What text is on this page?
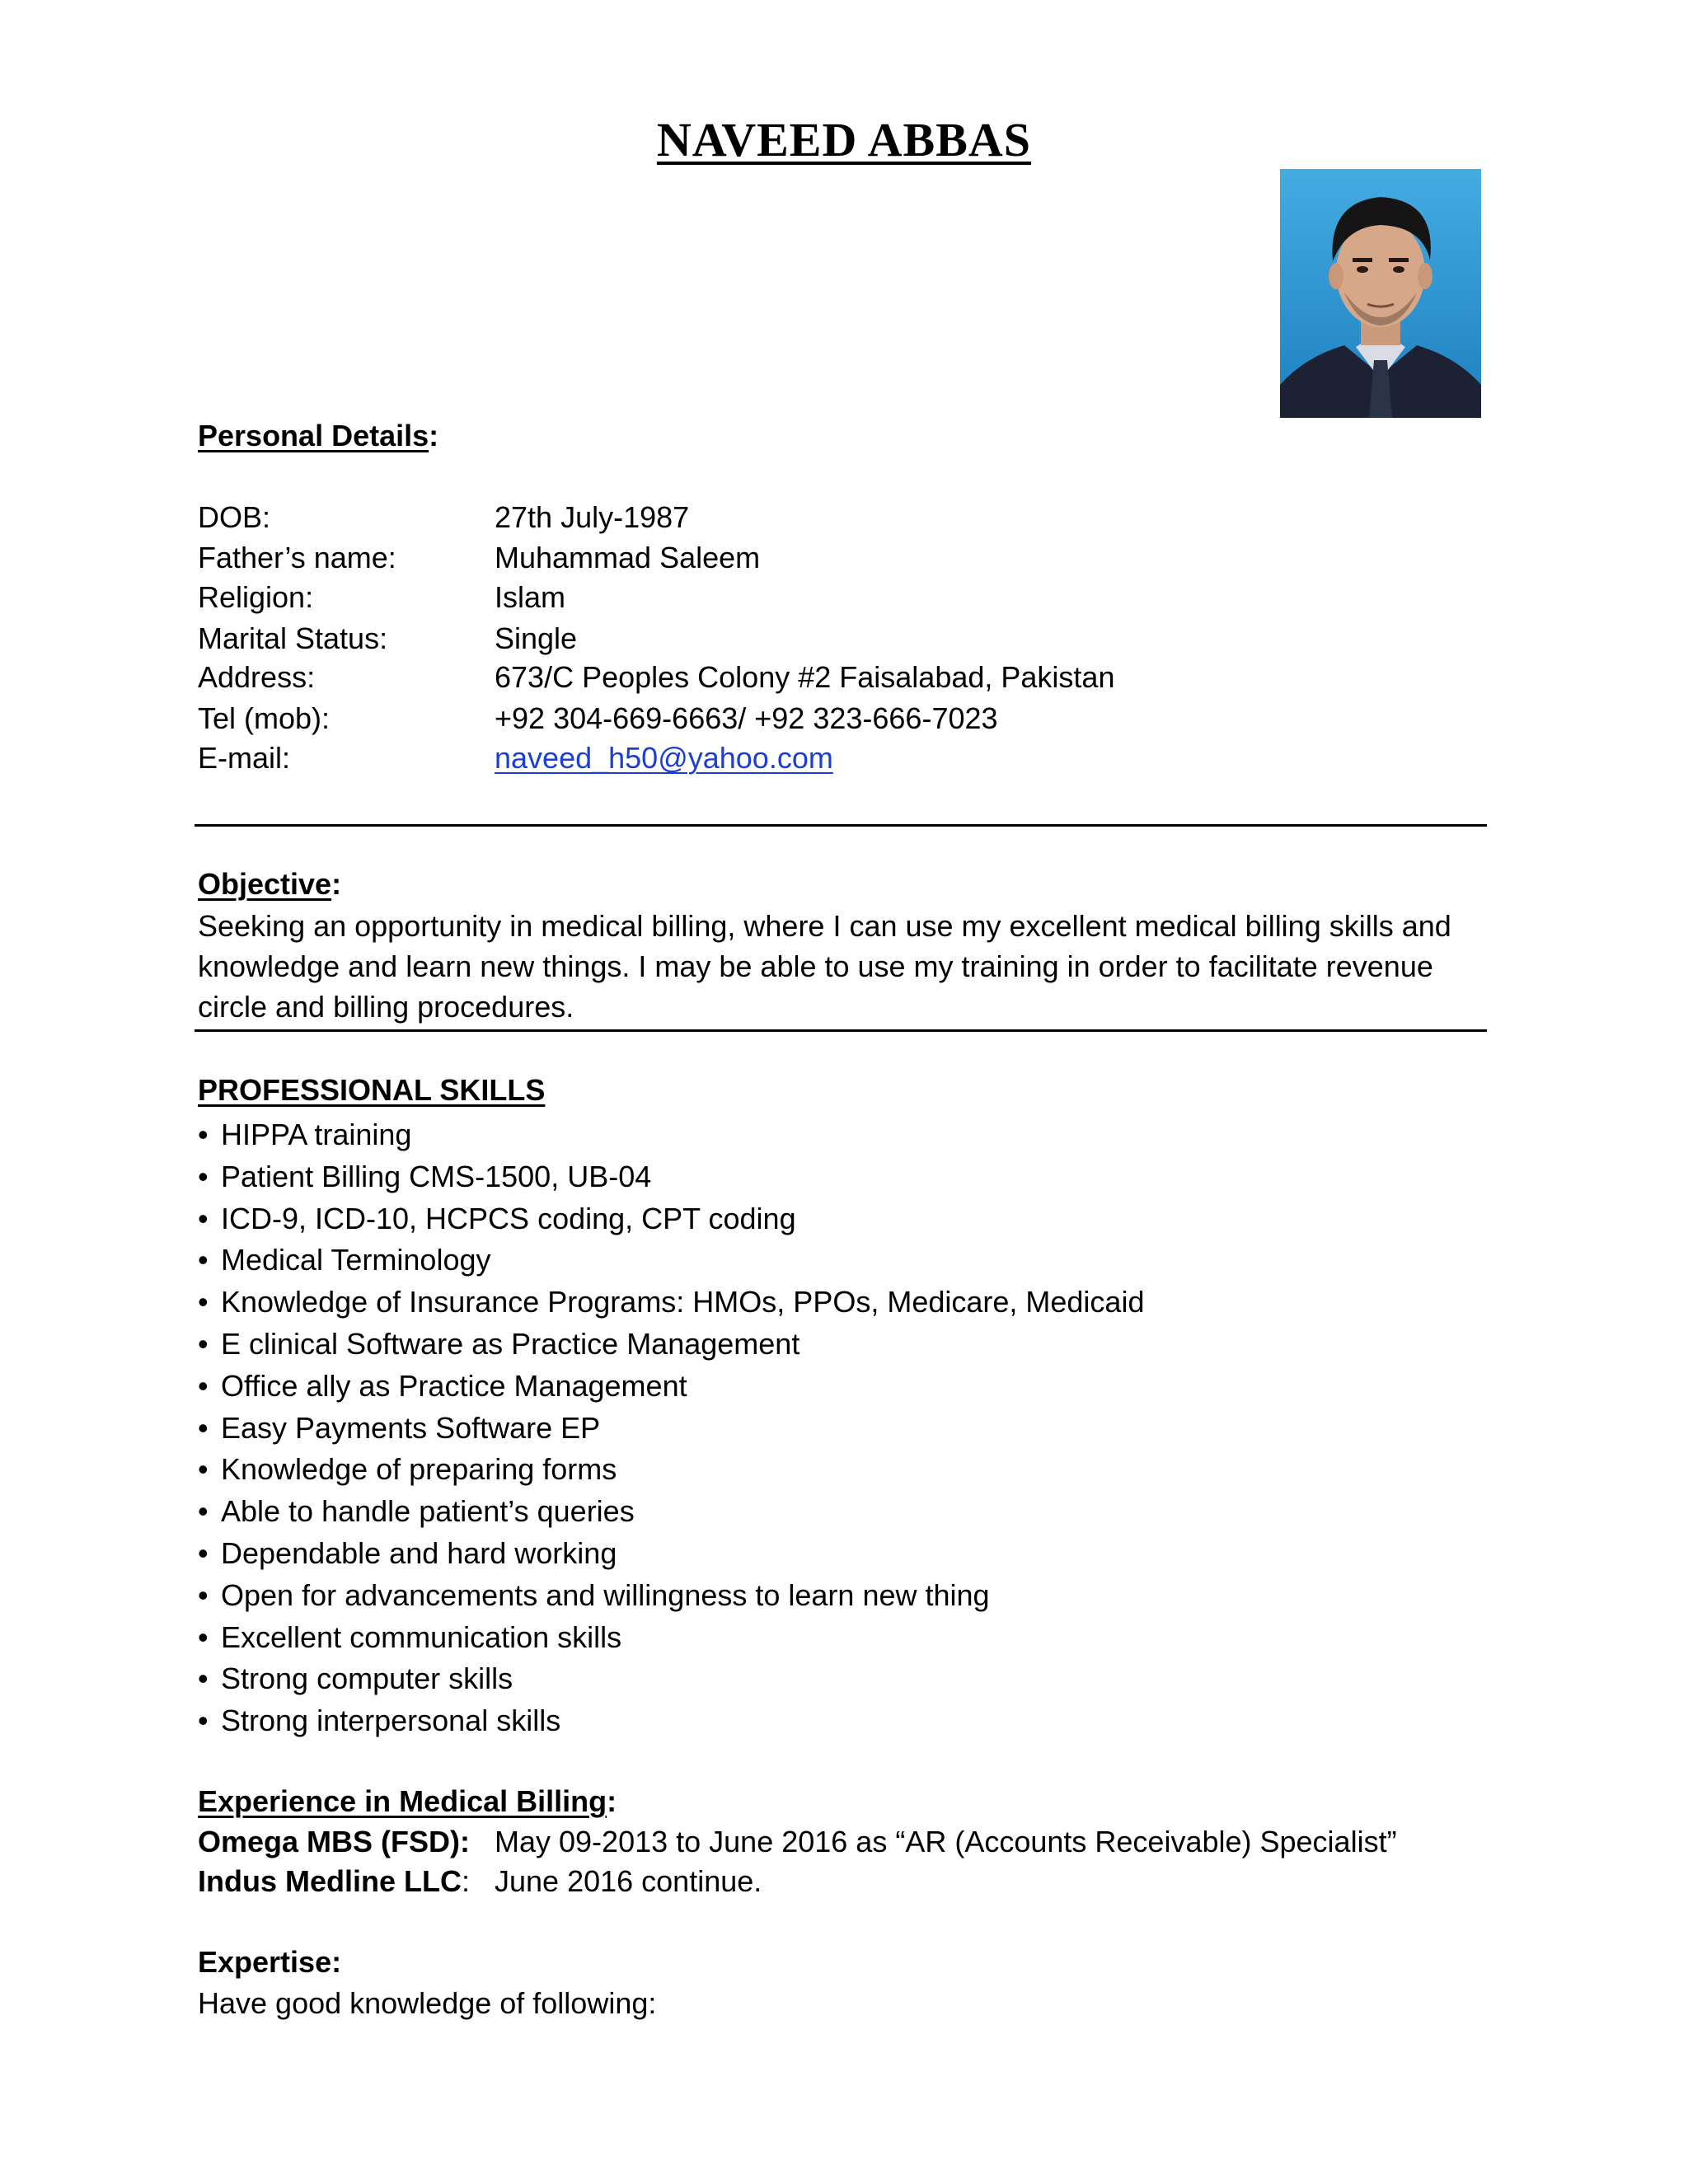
NAVEED ABBAS
Personal Details:
DOB:	27th July-1987
Father’s name:	Muhammad Saleem
Religion:	Islam
Marital Status:	Single
Address:	673/C Peoples Colony #2 Faisalabad, Pakistan
Tel (mob):	+92 304-669-6663/ +92 323-666-7023
E-mail:	naveed_h50@yahoo.com
Objective:

Seeking an opportunity in medical billing, where I can use my excellent medical billing skills and

knowledge and learn new things. I may be able to use my training in order to facilitate revenue

circle and billing procedures.

PROFESSIONAL SKILLS
• HIPPA training
• Patient Billing CMS-1500, UB-04
• ICD-9, ICD-10, HCPCS coding, CPT coding
• Medical Terminology
• Knowledge of Insurance Programs: HMOs, PPOs, Medicare, Medicaid
• E clinical Software as Practice Management
• Office ally as Practice Management
• Easy Payments Software EP
• Knowledge of preparing forms
• Able to handle patient’s queries
• Dependable and hard working
• Open for advancements and willingness to learn new thing
• Excellent communication skills
• Strong computer skills
• Strong interpersonal skills
Experience in Medical Billing:
Omega MBS (FSD): May 09-2013 to June 2016 as “AR (Accounts Receivable) Specialist”
Indus Medline LLC: June 2016 continue.
Expertise:
Have good knowledge of following:
